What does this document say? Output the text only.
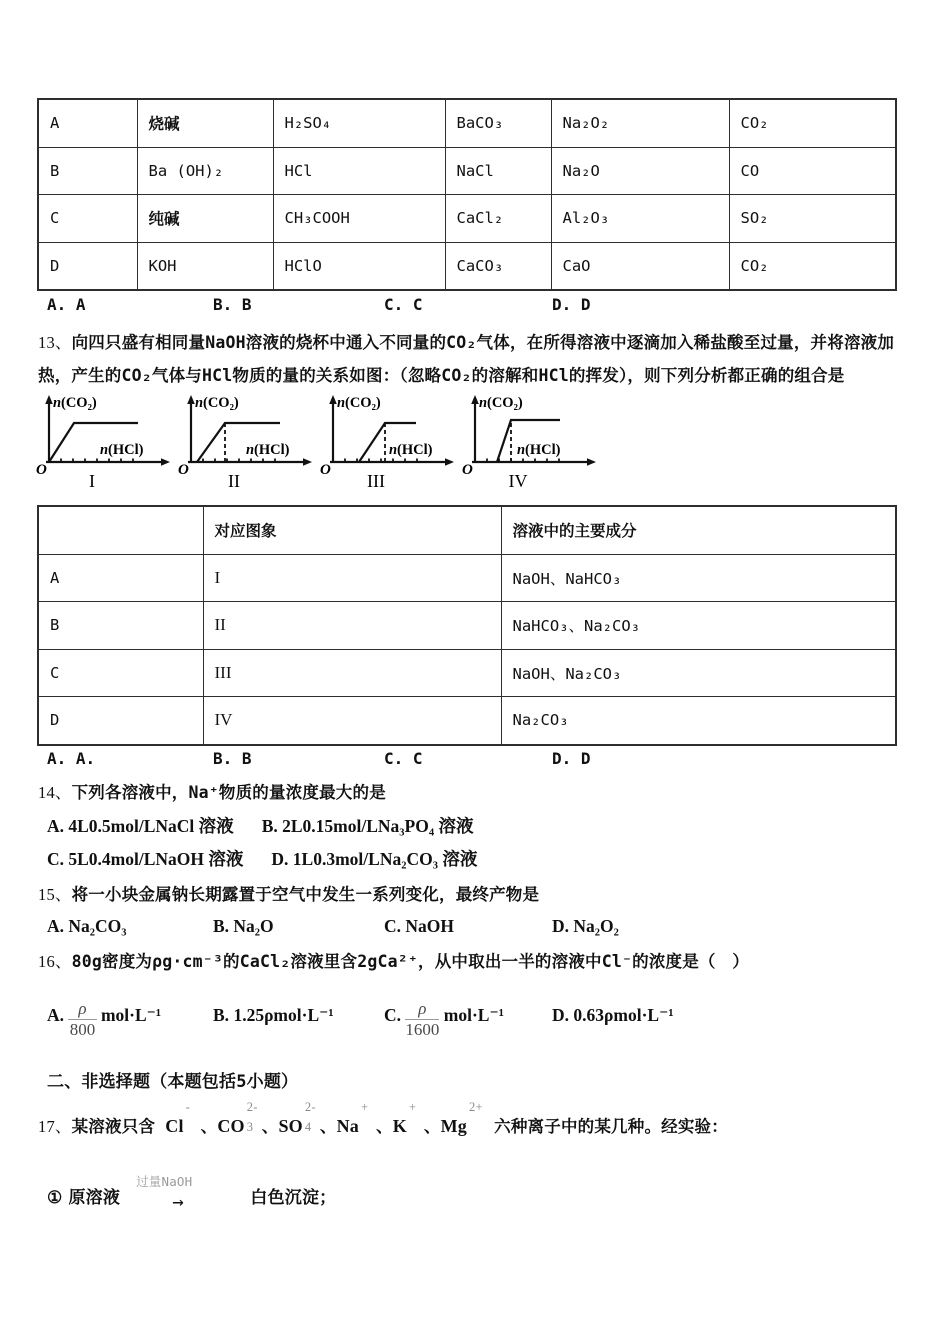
A	烧碱	H₂SO₄	BaCO₃	Na₂O₂	CO₂
B	Ba (OH)₂	HCl	NaCl	Na₂O	CO
C	纯碱	CH₃COOH	CaCl₂	Al₂O₃	SO₂
D	KOH	HClO	CaCO₃	CaO	CO₂
A. A	B. B	C. C	D. D
13、向四只盛有相同量NaOH溶液的烧杯中通入不同量的CO₂气体，在所得溶液中逐滴加入稀盐酸至过量，并将溶液加热，产生的CO₂气体与HCl物质的量的关系如图：（忽略CO₂的溶解和HCl的挥发），则下列分析都正确的组合是
O
n (CO₂)
n (HCl)
I
O
n (CO₂)
n (HCl)
II
O
n (CO₂)
n (HCl)
III
O
n (CO₂)
n (HCl)
IV
	对应图象	溶液中的主要成分
A	I	NaOH、NaHCO₃
B	II	NaHCO₃、Na₂CO₃
C	III	NaOH、Na₂CO₃
D	IV	Na₂CO₃
A. A.	B. B	C. C	D. D
14、下列各溶液中，Na⁺物质的量浓度最大的是
A. 4L0.5mol/LNaCl 溶液 B. 2L0.15mol/LNa₃PO₄ 溶液
C. 5L0.4mol/LNaOH 溶液 D. 1L0.3mol/LNa₂CO₃ 溶液
15、将一小块金属钠长期露置于空气中发生一系列变化，最终产物是
A. Na₂CO₃	B. Na₂O	C. NaOH	D. Na₂O₂
16、80g密度为ρg·cm⁻³的CaCl₂溶液里含2gCa²⁺，从中取出一半的溶液中Cl⁻的浓度是（　）
A. $\frac{\rho}{800} mol\cdot L^{-1}$	B. 1.25ρmol·L⁻¹	C. $\frac{\rho}{1600} mol\cdot L^{-1}$	D. 0.63ρmol·L⁻¹
二、非选择题（本题包括5小题）
17、某溶液只含 Cl
-
、 CO
2-
3 、 SO
2-
4 、 Na
+
、 K
+
、 Mg
2+
六种离子中的某几种。经实验：
① 原溶液
过量NaOH
→	白色沉淀；
